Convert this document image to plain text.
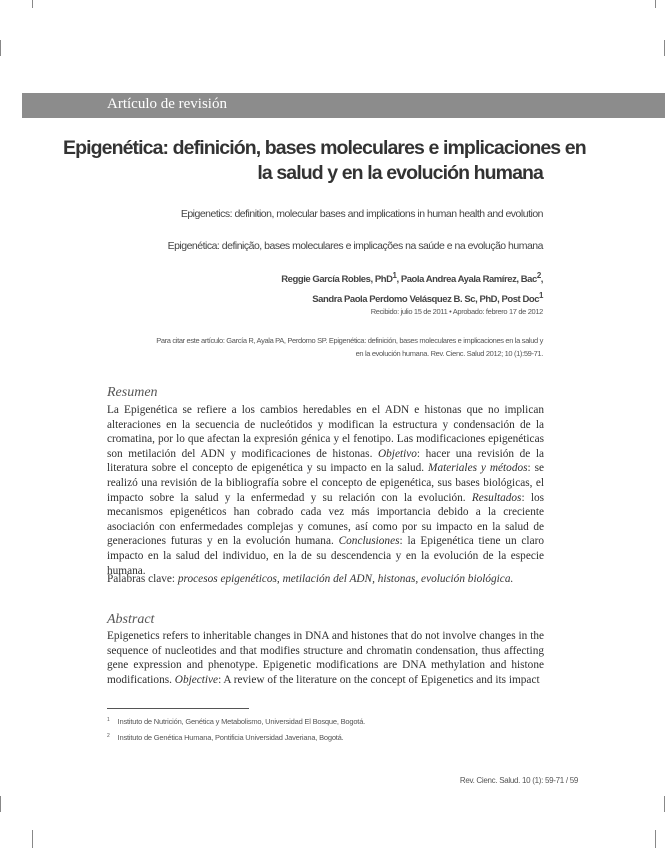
Artículo de revisión
Epigenética: definición, bases moleculares e implicaciones en
la salud y en la evolución humana
Epigenetics: definition, molecular bases and implications in human health and evolution
Epigenética: definição, bases moleculares e implicações na saúde e na evolução humana
Reggie García Robles, PhD$^1$, Paola Andrea Ayala Ramírez, Bac$^2$,
Sandra Paola Perdomo Velásquez B. Sc, PhD, Post Doc$^1$
Recibido: julio 15 de 2011 • Aprobado: febrero 17 de 2012
Para citar este artículo: García R, Ayala PA, Perdomo SP. Epigenética: definición, bases moleculares e implicaciones en la salud y
en la evolución humana. Rev. Cienc. Salud 2012; 10 (1):59-71.
Resumen
La Epigenética se refiere a los cambios heredables en el ADN e histonas que no implican alteraciones en la secuencia de nucleótidos y modifican la estructura y condensación de la cromatina, por lo que afectan la expresión génica y el fenotipo. Las modificaciones epigenéticas son metilación del ADN y modificaciones de histonas. Objetivo: hacer una revisión de la literatura sobre el concepto de epigenética y su impacto en la salud. Materiales y métodos: se realizó una revisión de la bibliografía sobre el concepto de epigenética, sus bases biológicas, el impacto sobre la salud y la enfermedad y su relación con la evolución. Resultados: los mecanismos epigenéticos han cobrado cada vez más importancia debido a la creciente asociación con enfermedades complejas y comunes, así como por su impacto en la salud de generaciones futuras y en la evolución humana. Conclusiones: la Epigenética tiene un claro impacto en la salud del individuo, en la de su descendencia y en la evolución de la especie humana.
Palabras clave: procesos epigenéticos, metilación del ADN, histonas, evolución biológica.
Abstract
Epigenetics refers to inheritable changes in DNA and histones that do not involve changes in the sequence of nucleotides and that modifies structure and chromatin condensation, thus affecting gene expression and phenotype. Epigenetic modifications are DNA methylation and histone modifications. Objective: A review of the literature on the concept of Epigenetics and its impact
$^1$ Instituto de Nutrición, Genética y Metabolismo, Universidad El Bosque, Bogotá.
$^2$ Instituto de Genética Humana, Pontificia Universidad Javeriana, Bogotá.
Rev. Cienc. Salud. 10 (1): 59-71 / 59
